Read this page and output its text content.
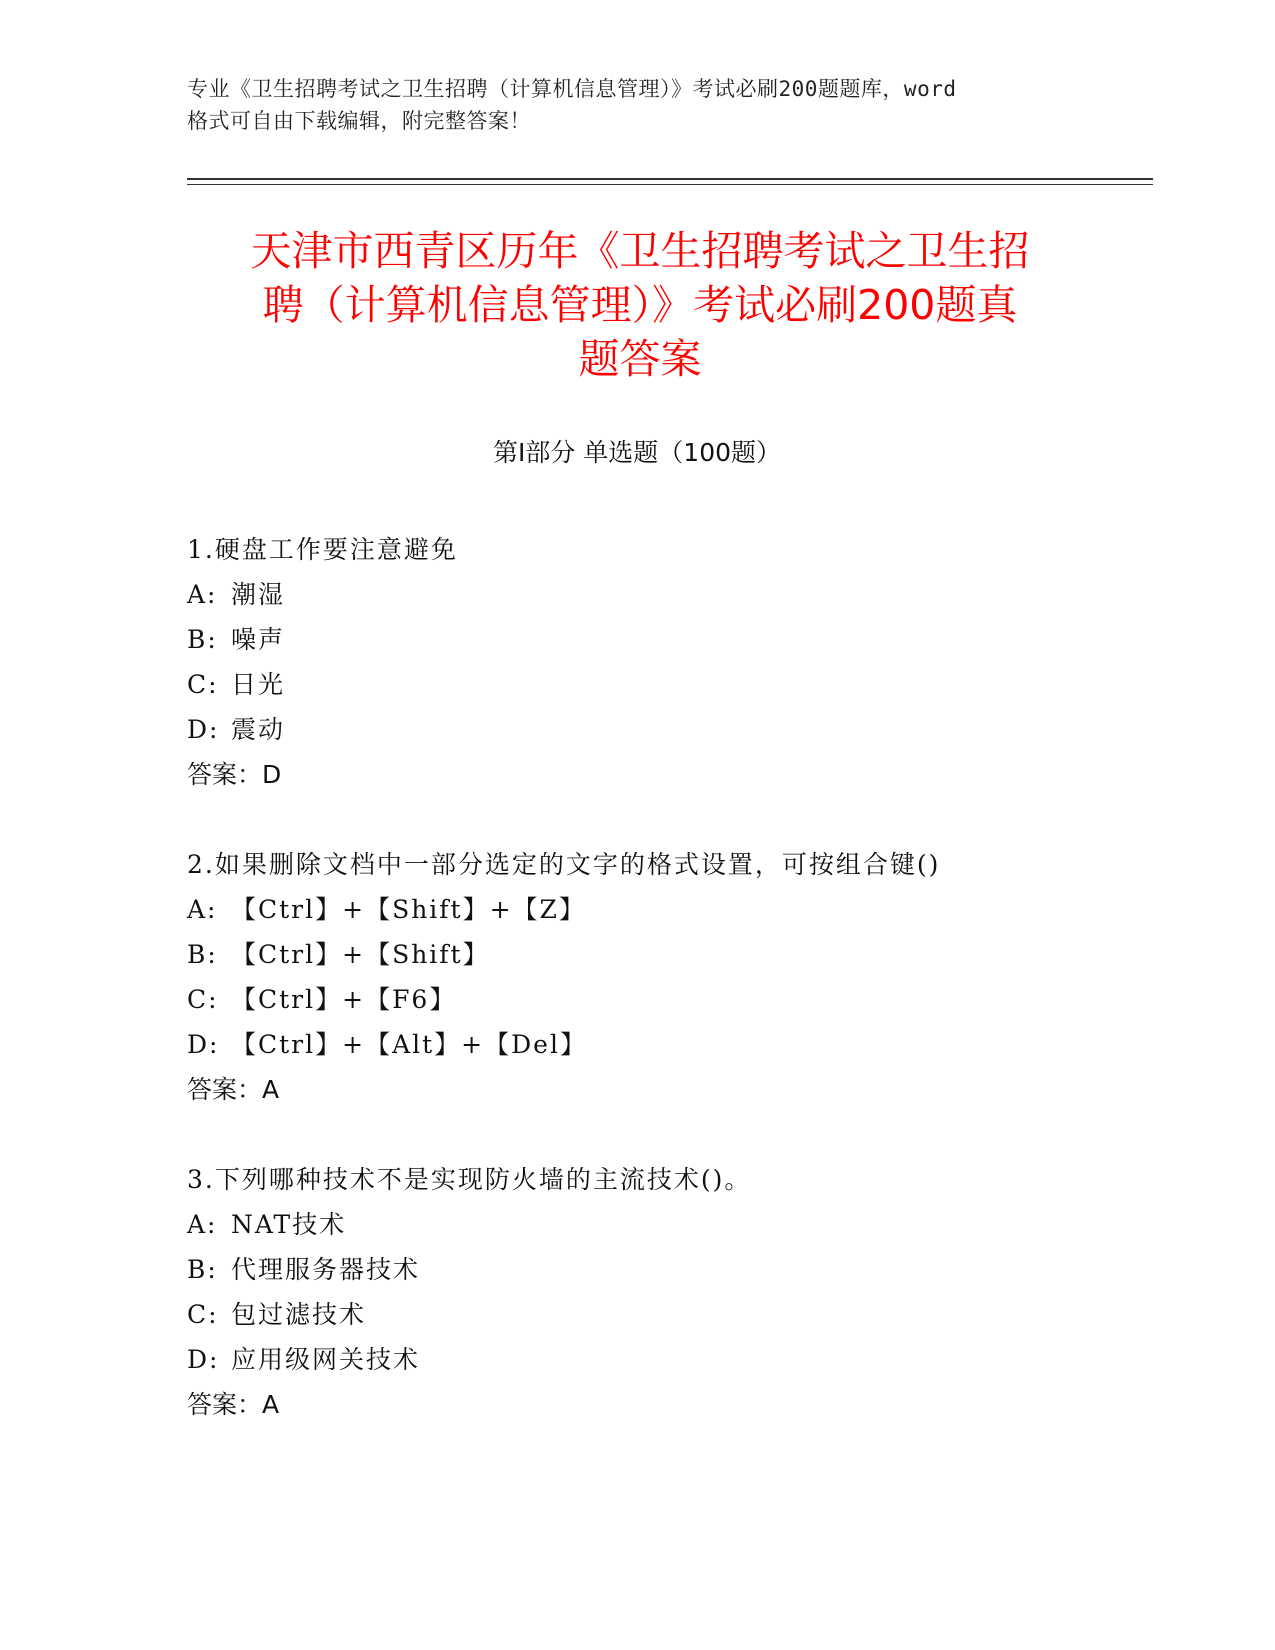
专业《卫生招聘考试之卫生招聘（计算机信息管理）》考试必刷200题题库，word
格式可自由下载编辑，附完整答案！
天津市西青区历年《卫生招聘考试之卫生招
聘（计算机信息管理）》考试必刷200题真
题答案
第Ⅰ部分 单选题（100题）
1.硬盘工作要注意避免
A: 潮湿
B: 噪声
C: 日光
D: 震动
答案：D
2.如果删除文档中一部分选定的文字的格式设置，可按组合键()
A: 【Ctrl】+【Shift】+【Z】
B: 【Ctrl】+【Shift】
C: 【Ctrl】+【F6】
D: 【Ctrl】+【Alt】+【Del】
答案：A
3.下列哪种技术不是实现防火墙的主流技术()。
A: NAT技术
B: 代理服务器技术
C: 包过滤技术
D: 应用级网关技术
答案：A
